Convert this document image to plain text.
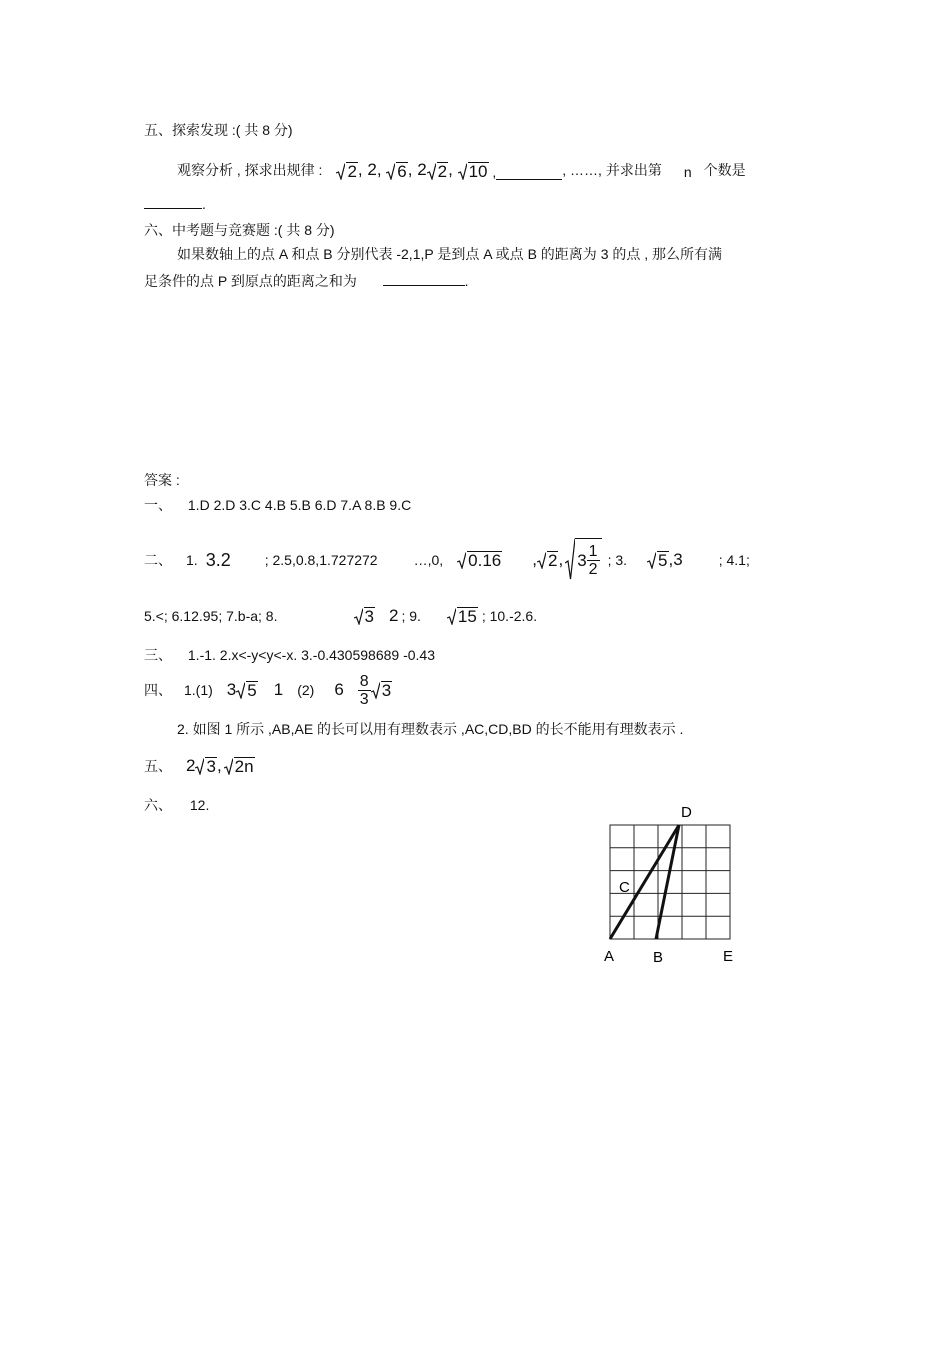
五、探索发现 :( 共 8 分)
观察分析 , 探求出规律 : 2 , 2, 6 , 2 2 , 10 ,	, ……, 并求出第 n 个数是
.
六、中考题与竞赛题 :( 共 8 分)
如果数轴上的点 A 和点 B 分别代表 -2,1,P 是到点 A 或点 B 的距离为 3 的点 , 那么所有满
足条件的点 P 到原点的距离之和为	.
答案 :
一、 1.D 2.D 3.C 4.B 5.B 6.D 7.A 8.B 9.C
二、 1. 3.2 ; 2.5,0.8,1.727272	…,0, 0.16 , 2 , $3 \frac{1}{2}$ ; 3. 5 ,3	; 4.1;
5.<; 6.12.95; 7.b-a; 8.	3 2 ; 9. 15 ; 10.-2.6.
三、 1.-1. 2.x<-y<y<-x. 3.-0.430598689 -0.43
四、 1.(1) 3 5 1 (2) $6 \frac{8}{3} 3$
2. 如图 1 所示 ,AB,AE 的长可以用有理数表示 ,AC,CD,BD 的长不能用有理数表示 .
五、 2 3 , 2n
六、 12.	D
C
A	B	E
